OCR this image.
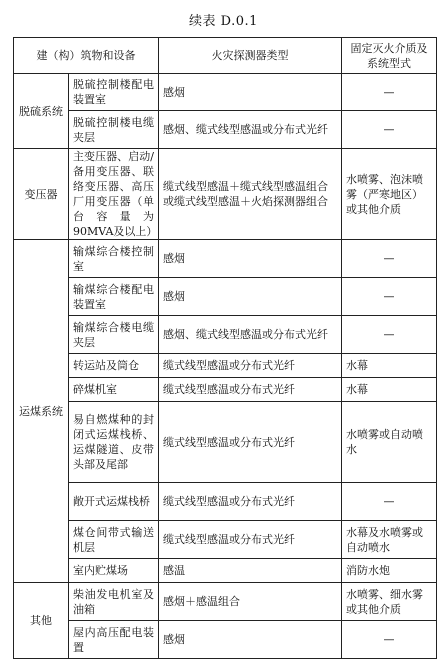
续表 D.0.1
建（构）筑物和设备		火灾探测器类型	固定灭火介质及系统型式
脱硫系统	脱硫控制楼配电装置室	感烟	—
	脱硫控制楼电缆夹层	感烟、缆式线型感温或分布式光纤	—
变压器	主变压器、启动/备用变压器、联络变压器、高压厂用变压器（单台容量为90MVA及以上）	缆式线型感温＋缆式线型感温组合或缆式线型感温＋火焰探测器组合	水喷雾、泡沫喷雾（严寒地区）或其他介质
运煤系统	输煤综合楼控制室	感烟	—
	输煤综合楼配电装置室	感烟	—
	输煤综合楼电缆夹层	感烟、缆式线型感温或分布式光纤	—
	转运站及筒仓	缆式线型感温或分布式光纤	水幕
	碎煤机室	缆式线型感温或分布式光纤	水幕
	易自燃煤种的封闭式运煤栈桥、运煤隧道、皮带头部及尾部	缆式线型感温或分布式光纤	水喷雾或自动喷水
	敞开式运煤栈桥	缆式线型感温或分布式光纤	—
	煤仓间带式输送机层	缆式线型感温或分布式光纤	水幕及水喷雾或自动喷水
	室内贮煤场	感温	消防水炮
其他	柴油发电机室及油箱	感烟＋感温组合	水喷雾、细水雾或其他介质
	屋内高压配电装置	感烟	—
